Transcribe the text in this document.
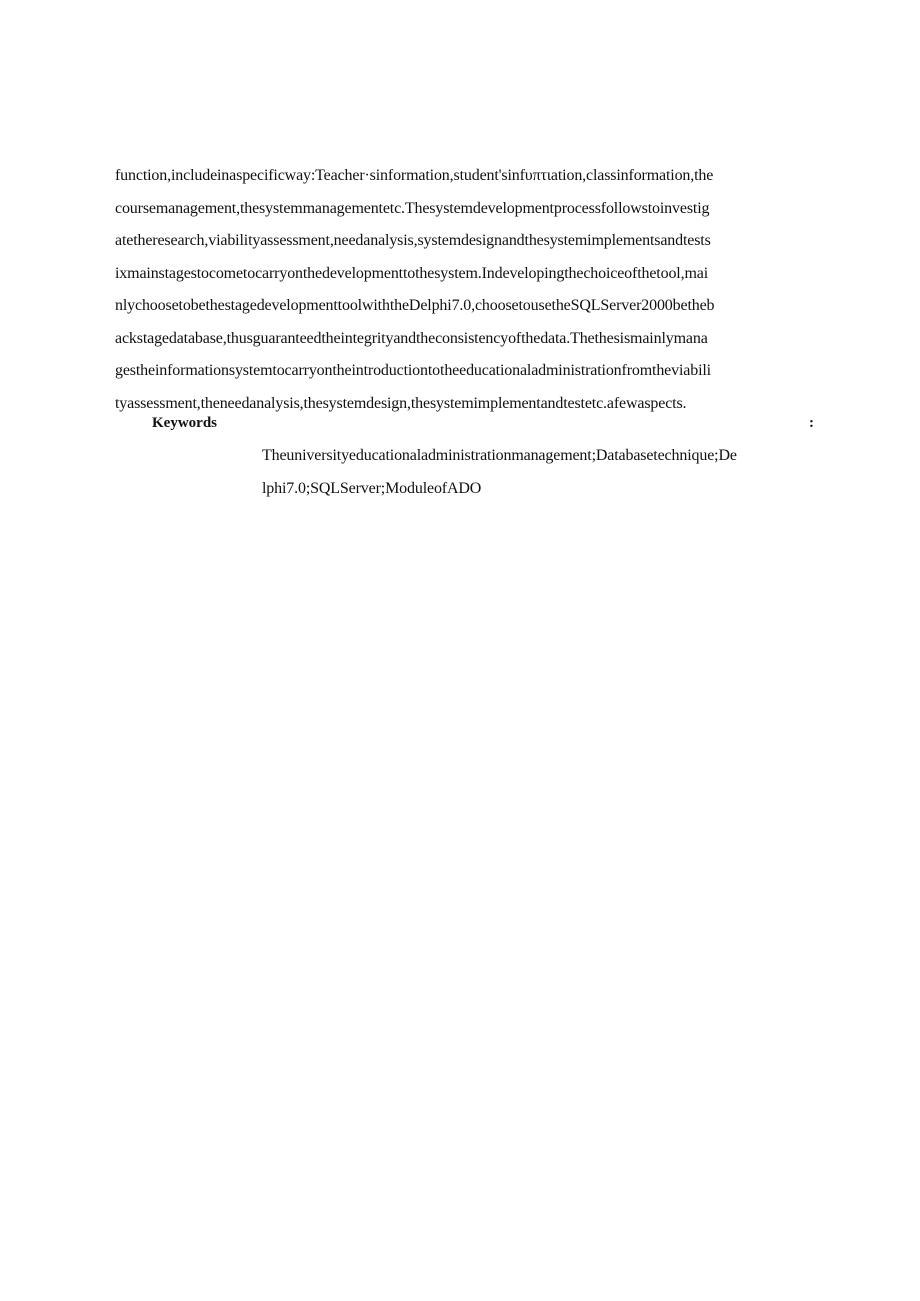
function,includeinaspecificway:Teacher·sinformation,student'sinfυπτιation,classinformation,the
coursemanagement,thesystemmanagementetc.Thesystemdevelopmentprocessfollowstoinvestig
atetheresearch,viabilityassessment,needanalysis,systemdesignandthesystemimplementsandtests
ixmainstagestocometocarryonthedevelopmenttothesystem.Indevelopingthechoiceofthetool,mai
nlychoosetobethestagedevelopmenttoolwiththeDelphi7.0,choosetousetheSQLServer2000betheb
ackstagedatabase,thusguaranteedtheintegrityandtheconsistencyofthedata.Thethesismainlymana
gestheinformationsystemtocarryontheintroductiontotheeducationaladministrationfromtheviabili
tyassessment,theneedanalysis,thesystemdesign,thesystemimplementandtestetc.afewaspects.
Keywords	:
Theuniversityeducationaladministrationmanagement;Databasetechnique;De
lphi7.0;SQLServer;ModuleofADO
